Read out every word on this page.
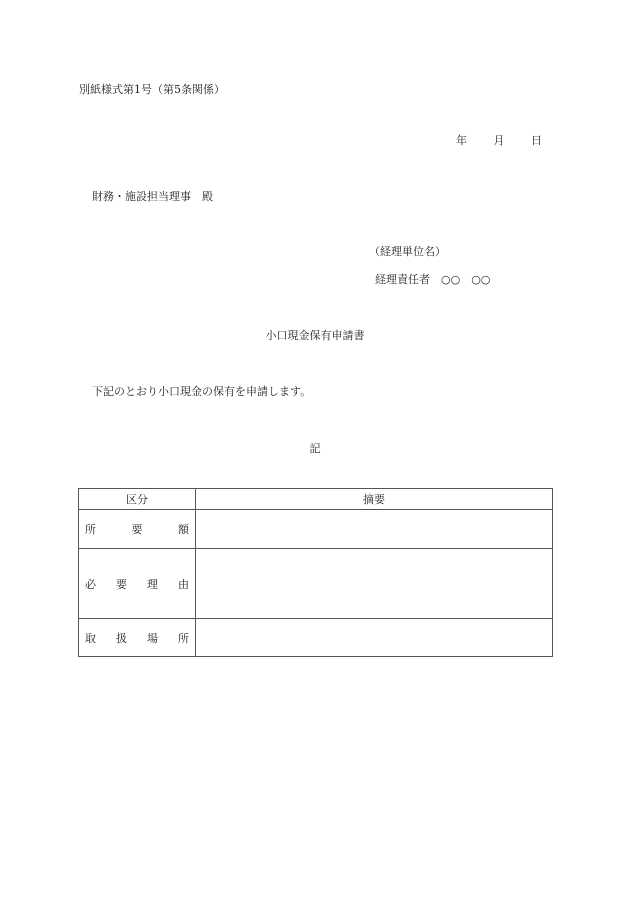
別紙様式第1号（第5条関係）
年 月 日
財務・施設担当理事　殿
（経理単位名）
経理責任者　○○　○○
小口現金保有申請書
下記のとおり小口現金の保有を申請します。
記
区分	摘要

所 要 額	

必 要 理 由	

取 扱 場 所	
